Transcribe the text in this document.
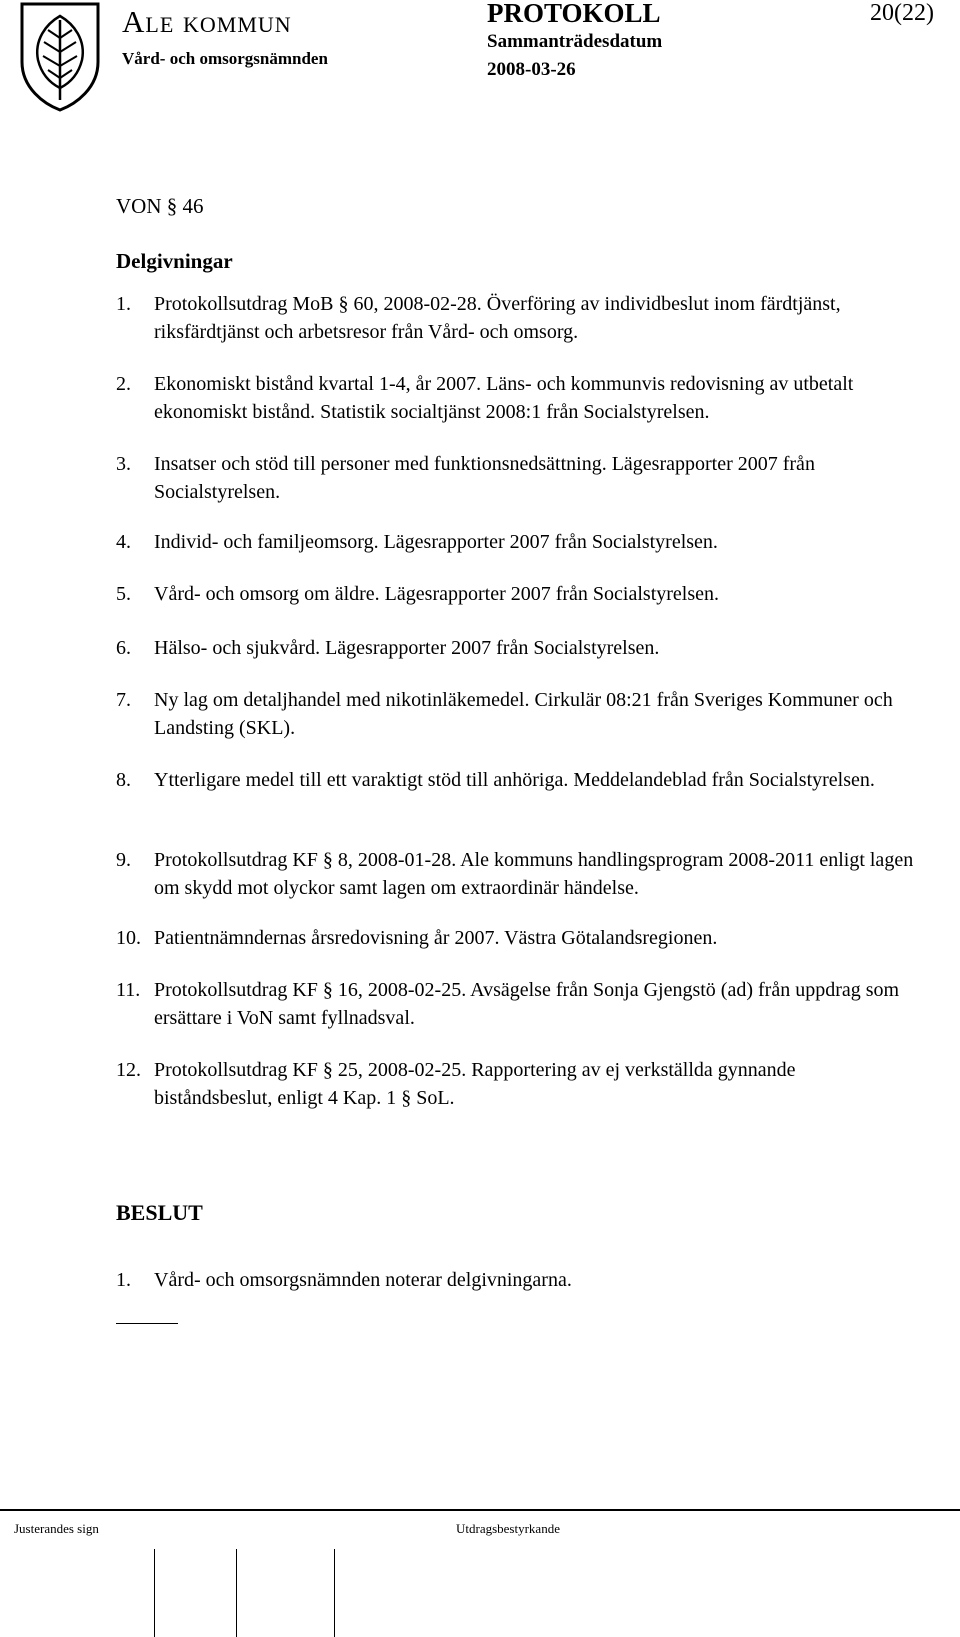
Ale kommun
Vård- och omsorgsnämnden
PROTOKOLL	20(22)
Sammanträdesdatum
2008-03-26
VON § 46
Delgivningar
1. Protokollsutdrag MoB § 60, 2008-02-28. Överföring av individbeslut inom färdtjänst, riksfärdtjänst och arbetsresor från Vård- och omsorg.
2. Ekonomiskt bistånd kvartal 1-4, år 2007. Läns- och kommunvis redovisning av utbetalt ekonomiskt bistånd. Statistik socialtjänst 2008:1 från Socialstyrelsen.
3. Insatser och stöd till personer med funktionsnedsättning. Lägesrapporter 2007 från Socialstyrelsen.
4. Individ- och familjeomsorg. Lägesrapporter 2007 från Socialstyrelsen.
5. Vård- och omsorg om äldre. Lägesrapporter 2007 från Socialstyrelsen.
6. Hälso- och sjukvård. Lägesrapporter 2007 från Socialstyrelsen.
7. Ny lag om detaljhandel med nikotinläkemedel. Cirkulär 08:21 från Sveriges Kommuner och Landsting (SKL).
8. Ytterligare medel till ett varaktigt stöd till anhöriga. Meddelandeblad från Socialstyrelsen.
9. Protokollsutdrag KF § 8, 2008-01-28. Ale kommuns handlingsprogram 2008-2011 enligt lagen om skydd mot olyckor samt lagen om extraordinär händelse.
10. Patientnämndernas årsredovisning år 2007. Västra Götalandsregionen.
11. Protokollsutdrag KF § 16, 2008-02-25. Avsägelse från Sonja Gjengstö (ad) från uppdrag som ersättare i VoN samt fyllnadsval.
12. Protokollsutdrag KF § 25, 2008-02-25. Rapportering av ej verkställda gynnande biståndsbeslut, enligt 4 Kap. 1 § SoL.
BESLUT
1. Vård- och omsorgsnämnden noterar delgivningarna.
Justerandes sign	Utdragsbestyrkande
